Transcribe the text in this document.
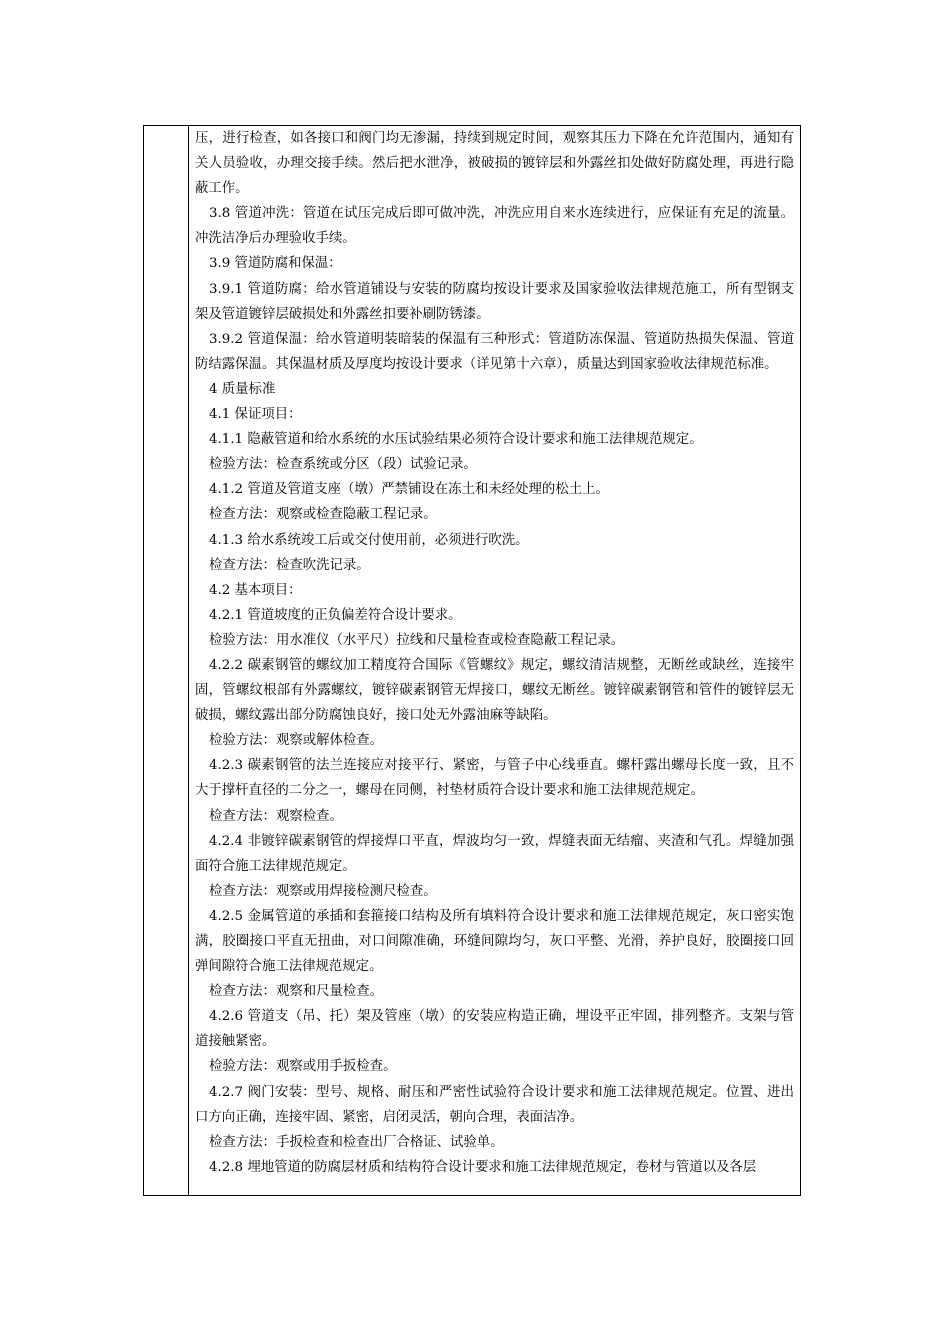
压，进行检查，如各接口和阀门均无渗漏，持续到规定时间，观察其压力下降在允许范围内，通知有关人员验收，办理交接手续。然后把水泄净，被破损的镀锌层和外露丝扣处做好防腐处理，再进行隐蔽工作。

3.8 管道冲洗：管道在试压完成后即可做冲洗，冲洗应用自来水连续进行，应保证有充足的流量。冲洗洁净后办理验收手续。

3.9 管道防腐和保温：

3.9.1 管道防腐：给水管道铺设与安装的防腐均按设计要求及国家验收法律规范施工，所有型钢支架及管道镀锌层破损处和外露丝扣要补刷防锈漆。

3.9.2 管道保温：给水管道明装暗装的保温有三种形式：管道防冻保温、管道防热损失保温、管道防结露保温。其保温材质及厚度均按设计要求（详见第十六章），质量达到国家验收法律规范标准。

4 质量标准

4.1 保证项目：

4.1.1 隐蔽管道和给水系统的水压试验结果必须符合设计要求和施工法律规范规定。

检验方法：检查系统或分区（段）试验记录。

4.1.2 管道及管道支座（墩）严禁铺设在冻土和未经处理的松土上。

检查方法：观察或检查隐蔽工程记录。

4.1.3 给水系统竣工后或交付使用前，必须进行吹洗。

检查方法：检查吹洗记录。

4.2 基本项目：

4.2.1 管道坡度的正负偏差符合设计要求。

检验方法：用水准仪（水平尺）拉线和尺量检查或检查隐蔽工程记录。

4.2.2 碳素钢管的螺纹加工精度符合国际《管螺纹》规定，螺纹清洁规整，无断丝或缺丝，连接牢固，管螺纹根部有外露螺纹，镀锌碳素钢管无焊接口，螺纹无断丝。镀锌碳素钢管和管件的镀锌层无破损，螺纹露出部分防腐蚀良好，接口处无外露油麻等缺陷。

检验方法：观察或解体检查。

4.2.3 碳素钢管的法兰连接应对接平行、紧密，与管子中心线垂直。螺杆露出螺母长度一致，且不大于撑杆直径的二分之一，螺母在同侧，衬垫材质符合设计要求和施工法律规范规定。

检查方法：观察检查。

4.2.4 非镀锌碳素钢管的焊接焊口平直，焊波均匀一致，焊缝表面无结瘤、夹渣和气孔。焊缝加强面符合施工法律规范规定。

检查方法：观察或用焊接检测尺检查。

4.2.5 金属管道的承插和套箍接口结构及所有填料符合设计要求和施工法律规范规定，灰口密实饱满，胶圈接口平直无扭曲，对口间隙准确，环缝间隙均匀，灰口平整、光滑，养护良好，胶圈接口回弹间隙符合施工法律规范规定。

检查方法：观察和尺量检查。

4.2.6 管道支（吊、托）架及管座（墩）的安装应构造正确，埋设平正牢固，排列整齐。支架与管道接触紧密。

检验方法：观察或用手扳检查。

4.2.7 阀门安装：型号、规格、耐压和严密性试验符合设计要求和施工法律规范规定。位置、进出口方向正确，连接牢固、紧密，启闭灵活，朝向合理，表面洁净。

检查方法：手扳检查和检查出厂合格证、试验单。

4.2.8 埋地管道的防腐层材质和结构符合设计要求和施工法律规范规定，卷材与管道以及各层
